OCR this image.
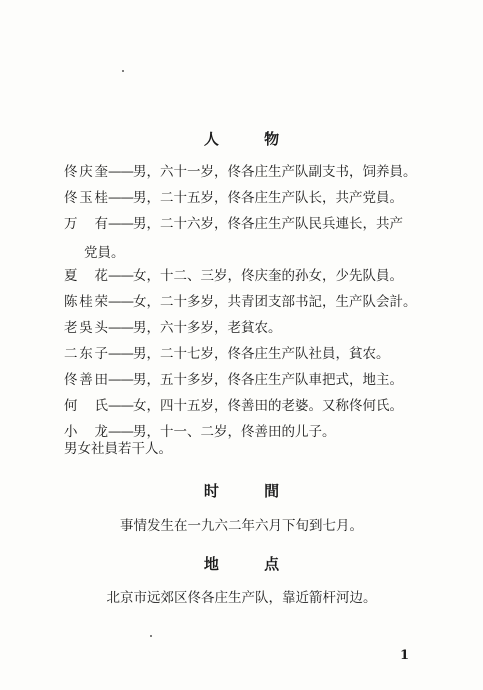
人 物
佟庆奎——男，六十一岁，佟各庄生产队副支书，饲养員。
佟玉桂——男，二十五岁，佟各庄生产队长，共产党員。
万 有——男，二十六岁，佟各庄生产队民兵連长，共产
党員。
夏 花——女，十二、三岁，佟庆奎的孙女，少先队員。
陈桂荣——女，二十多岁，共青团支部书記，生产队会計。
老吳头——男，六十多岁，老貧农。
二东子——男，二十七岁，佟各庄生产队社員，貧农。
佟善田——男，五十多岁，佟各庄生产队車把式，地主。
何 氏——女，四十五岁，佟善田的老婆。又称佟何氏。
小 龙——男，十一、二岁，佟善田的儿子。
男女社員若干人。
时 間
事情发生在一九六二年六月下旬到七月。
地 点
北京市远郊区佟各庄生产队，靠近箭杆河边。
1
